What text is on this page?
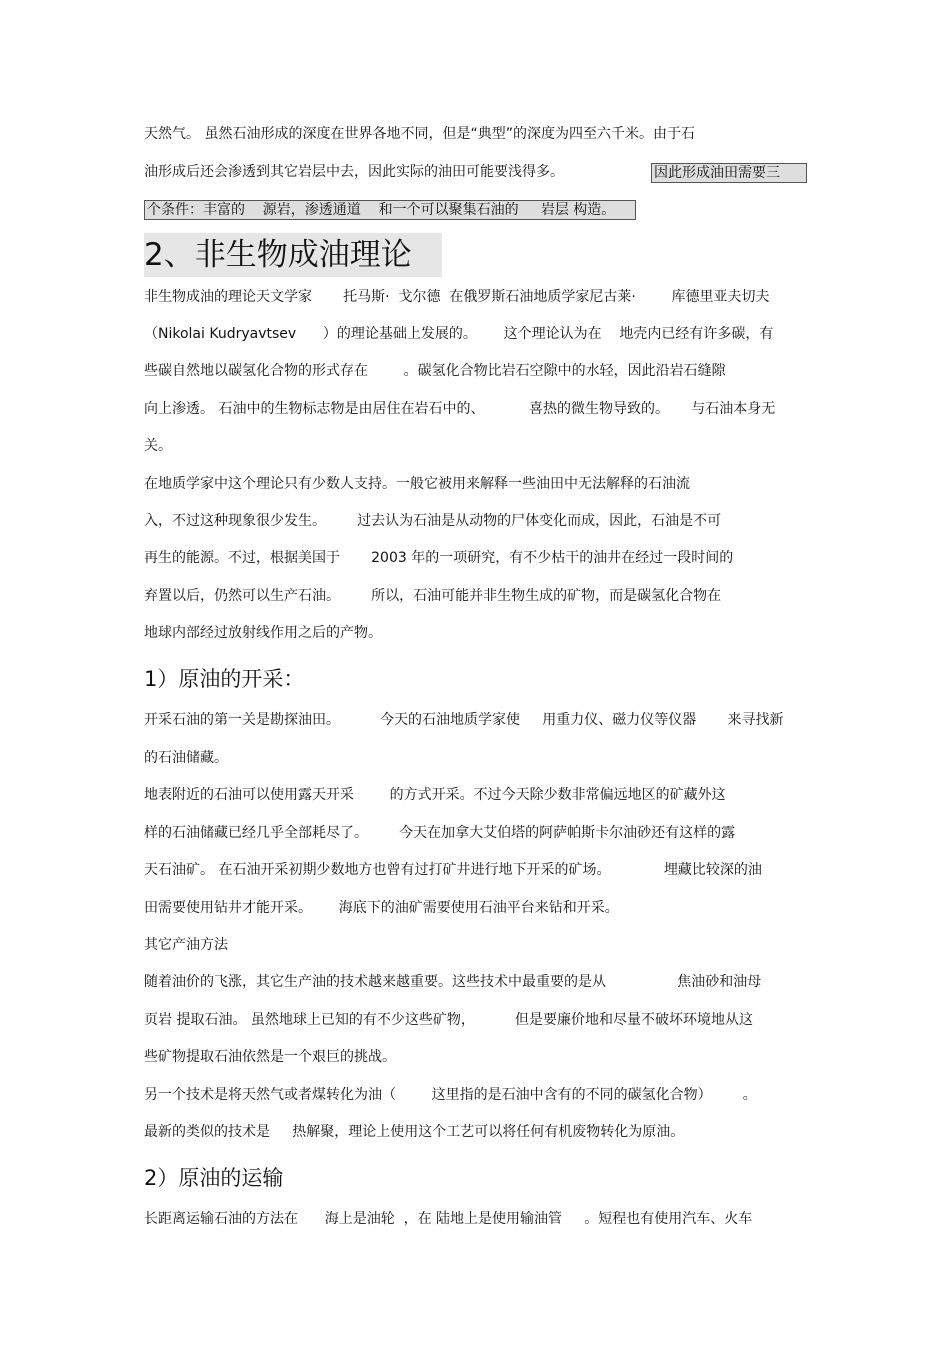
天然气。 虽然石油形成的深度在世界各地不同，但是“典型”的深度为四至六千米。由于石
油形成后还会渗透到其它岩层中去，因此实际的油田可能要浅得多。	因此形成油田需要三
个条件：丰富的    源岩，渗透通道    和一个可以聚集石油的     岩层 构造。
2、非生物成油理论
非生物成油的理论天文学家       托马斯·  戈尔德  在俄罗斯石油地质学家尼古莱·        库德里亚夫切夫
（Nikolai Kudryavtsev      ）的理论基础上发展的。      这个理论认为在    地壳内已经有许多碳，有
些碳自然地以碳氢化合物的形式存在        。碳氢化合物比岩石空隙中的水轻，因此沿岩石缝隙
向上渗透。 石油中的生物标志物是由居住在岩石中的、          喜热的微生物导致的。     与石油本身无
关。
在地质学家中这个理论只有少数人支持。一般它被用来解释一些油田中无法解释的石油流
入，不过这种现象很少发生。       过去认为石油是从动物的尸体变化而成，因此，石油是不可
再生的能源。不过，根据美国于       2003 年的一项研究，有不少枯干的油井在经过一段时间的
弃置以后，仍然可以生产石油。       所以，石油可能并非生物生成的矿物，而是碳氢化合物在
地球内部经过放射线作用之后的产物。
1）原油的开采：
开采石油的第一关是勘探油田。         今天的石油地质学家使     用重力仪、磁力仪等仪器       来寻找新
的石油储藏。
地表附近的石油可以使用露天开采        的方式开采。不过今天除少数非常偏远地区的矿藏外这
样的石油储藏已经几乎全部耗尽了。       今天在加拿大艾伯塔的阿萨帕斯卡尔油砂还有这样的露
天石油矿。 在石油开采初期少数地方也曾有过打矿井进行地下开采的矿场。            埋藏比较深的油
田需要使用钻井才能开采。      海底下的油矿需要使用石油平台来钻和开采。
其它产油方法
随着油价的飞涨，其它生产油的技术越来越重要。这些技术中最重要的是从                焦油砂和油母
页岩 提取石油。 虽然地球上已知的有不少这些矿物，         但是要廉价地和尽量不破坏环境地从这
些矿物提取石油依然是一个艰巨的挑战。
另一个技术是将天然气或者煤转化为油（        这里指的是石油中含有的不同的碳氢化合物）       。
最新的类似的技术是     热解聚，理论上使用这个工艺可以将任何有机废物转化为原油。
2）原油的运输
长距离运输石油的方法在      海上是油轮  ，在 陆地上是使用输油管     。短程也有使用汽车、火车
